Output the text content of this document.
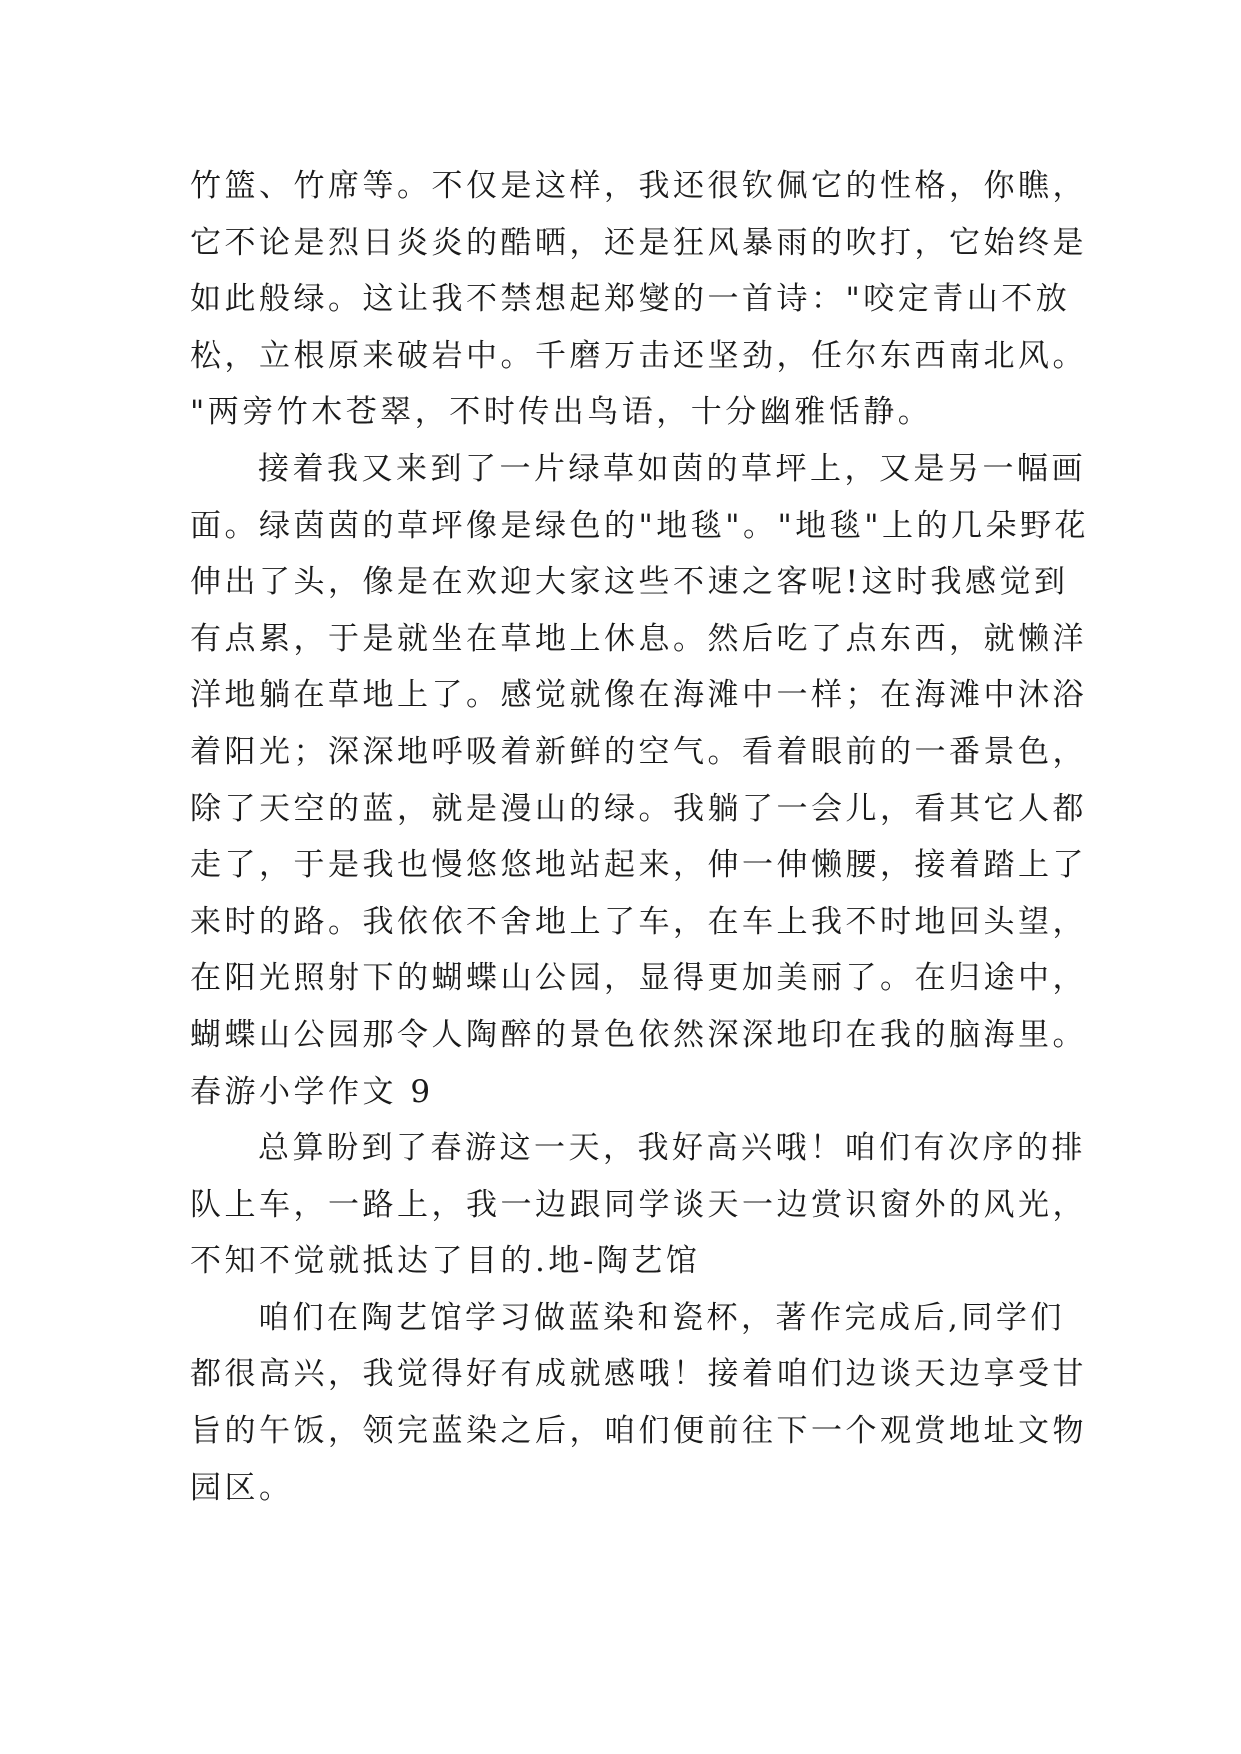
竹篮、竹席等。不仅是这样，我还很钦佩它的性格，你瞧，
它不论是烈日炎炎的酷晒，还是狂风暴雨的吹打，它始终是
如此般绿。这让我不禁想起郑燮的一首诗："咬定青山不放
松，立根原来破岩中。千磨万击还坚劲，任尔东西南北风。
"两旁竹木苍翠，不时传出鸟语，十分幽雅恬静。
接着我又来到了一片绿草如茵的草坪上，又是另一幅画
面。绿茵茵的草坪像是绿色的"地毯"。"地毯"上的几朵野花
伸出了头，像是在欢迎大家这些不速之客呢!这时我感觉到
有点累，于是就坐在草地上休息。然后吃了点东西，就懒洋
洋地躺在草地上了。感觉就像在海滩中一样；在海滩中沐浴
着阳光；深深地呼吸着新鲜的空气。看着眼前的一番景色，
除了天空的蓝，就是漫山的绿。我躺了一会儿，看其它人都
走了，于是我也慢悠悠地站起来，伸一伸懒腰，接着踏上了
来时的路。我依依不舍地上了车，在车上我不时地回头望，
在阳光照射下的蝴蝶山公园，显得更加美丽了。在归途中，
蝴蝶山公园那令人陶醉的景色依然深深地印在我的脑海里。
春游小学作文 9
总算盼到了春游这一天，我好高兴哦！咱们有次序的排
队上车，一路上，我一边跟同学谈天一边赏识窗外的风光，
不知不觉就抵达了目的.地-陶艺馆
咱们在陶艺馆学习做蓝染和瓷杯，著作完成后,同学们
都很高兴，我觉得好有成就感哦！接着咱们边谈天边享受甘
旨的午饭，领完蓝染之后，咱们便前往下一个观赏地址文物
园区。
